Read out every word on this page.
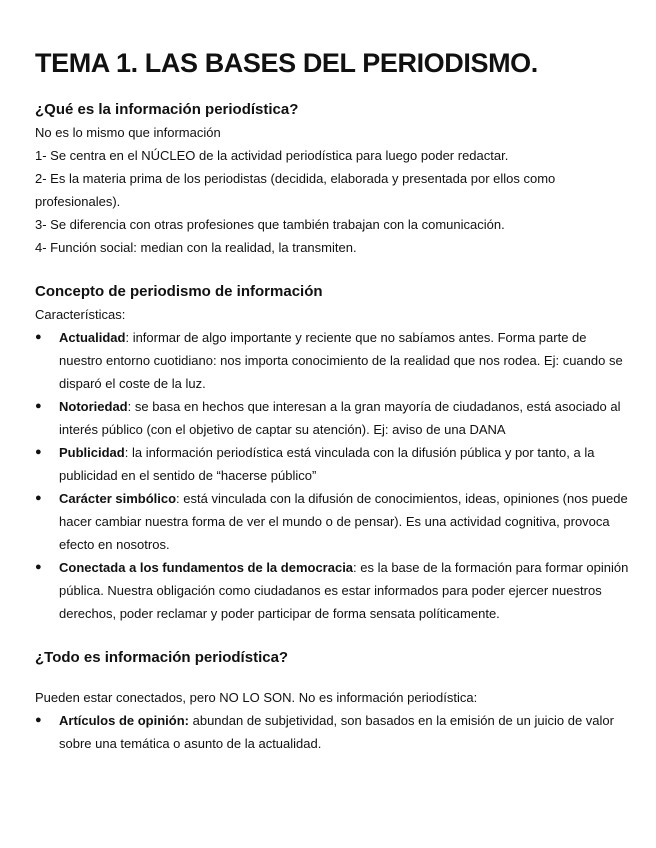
TEMA 1. LAS BASES DEL PERIODISMO.
¿Qué es la información periodística?

No es lo mismo que información

1- Se centra en el NÚCLEO de la actividad periodística para luego poder redactar.

2- Es la materia prima de los periodistas (decidida, elaborada y presentada por ellos como profesionales).

3- Se diferencia con otras profesiones que también trabajan con la comunicación.

4- Función social: median con la realidad, la transmiten.

Concepto de periodismo de información

Características:

● Actualidad: informar de algo importante y reciente que no sabíamos antes. Forma parte de nuestro entorno cuotidiano: nos importa conocimiento de la realidad que nos rodea. Ej: cuando se disparó el coste de la luz.
● Notoriedad: se basa en hechos que interesan a la gran mayoría de ciudadanos, está asociado al interés público (con el objetivo de captar su atención). Ej: aviso de una DANA
● Publicidad: la información periodística está vinculada con la difusión pública y por tanto, a la publicidad en el sentido de “hacerse público”
● Carácter simbólico: está vinculada con la difusión de conocimientos, ideas, opiniones (nos puede hacer cambiar nuestra forma de ver el mundo o de pensar). Es una actividad cognitiva, provoca efecto en nosotros.
● Conectada a los fundamentos de la democracia: es la base de la formación para formar opinión pública. Nuestra obligación como ciudadanos es estar informados para poder ejercer nuestros derechos, poder reclamar y poder participar de forma sensata políticamente.
¿Todo es información periodística?

Pueden estar conectados, pero NO LO SON. No es información periodística:

● Artículos de opinión: abundan de subjetividad, son basados en la emisión de un juicio de valor sobre una temática o asunto de la actualidad.
